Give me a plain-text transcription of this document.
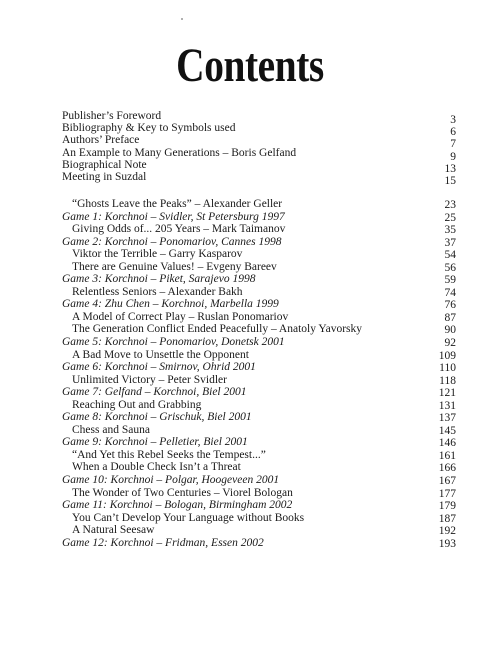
Contents
Publisher’s Foreword	3
Bibliography & Key to Symbols used	6
Authors’ Preface	7
An Example to Many Generations – Boris Gelfand	9
Biographical Note	13
Meeting in Suzdal	15
“Ghosts Leave the Peaks” – Alexander Geller	23
Game 1: Korchnoi – Svidler, St Petersburg 1997	25
Giving Odds of... 205 Years – Mark Taimanov	35
Game 2: Korchnoi – Ponomariov, Cannes 1998	37
Viktor the Terrible – Garry Kasparov	54
There are Genuine Values! – Evgeny Bareev	56
Game 3: Korchnoi – Piket, Sarajevo 1998	59
Relentless Seniors – Alexander Bakh	74
Game 4: Zhu Chen – Korchnoi, Marbella 1999	76
A Model of Correct Play – Ruslan Ponomariov	87
The Generation Conflict Ended Peacefully – Anatoly Yavorsky	90
Game 5: Korchnoi – Ponomariov, Donetsk 2001	92
A Bad Move to Unsettle the Opponent	109
Game 6: Korchnoi – Smirnov, Ohrid 2001	110
Unlimited Victory – Peter Svidler	118
Game 7: Gelfand – Korchnoi, Biel 2001	121
Reaching Out and Grabbing	131
Game 8: Korchnoi – Grischuk, Biel 2001	137
Chess and Sauna	145
Game 9: Korchnoi – Pelletier, Biel 2001	146
“And Yet this Rebel Seeks the Tempest...”	161
When a Double Check Isn’t a Threat	166
Game 10: Korchnoi – Polgar, Hoogeveen 2001	167
The Wonder of Two Centuries – Viorel Bologan	177
Game 11: Korchnoi – Bologan, Birmingham 2002	179
You Can’t Develop Your Language without Books	187
A Natural Seesaw	192
Game 12: Korchnoi – Fridman, Essen 2002	193
